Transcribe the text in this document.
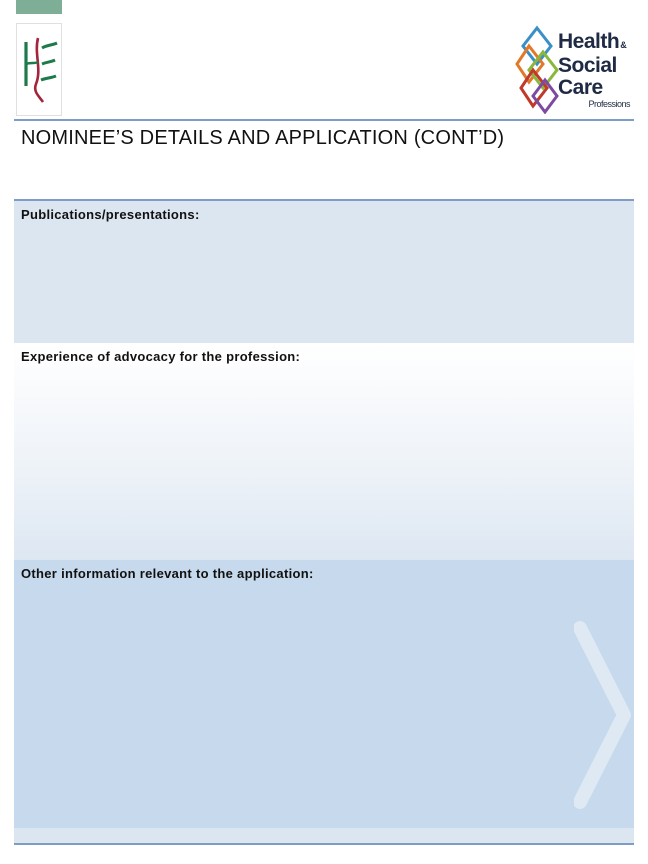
Health&
Social Care
Professions
NOMINEE’S DETAILS AND APPLICATION (CONT’D)
Publications/presentations:
Experience of advocacy for the profession:
Other information relevant to the application:
